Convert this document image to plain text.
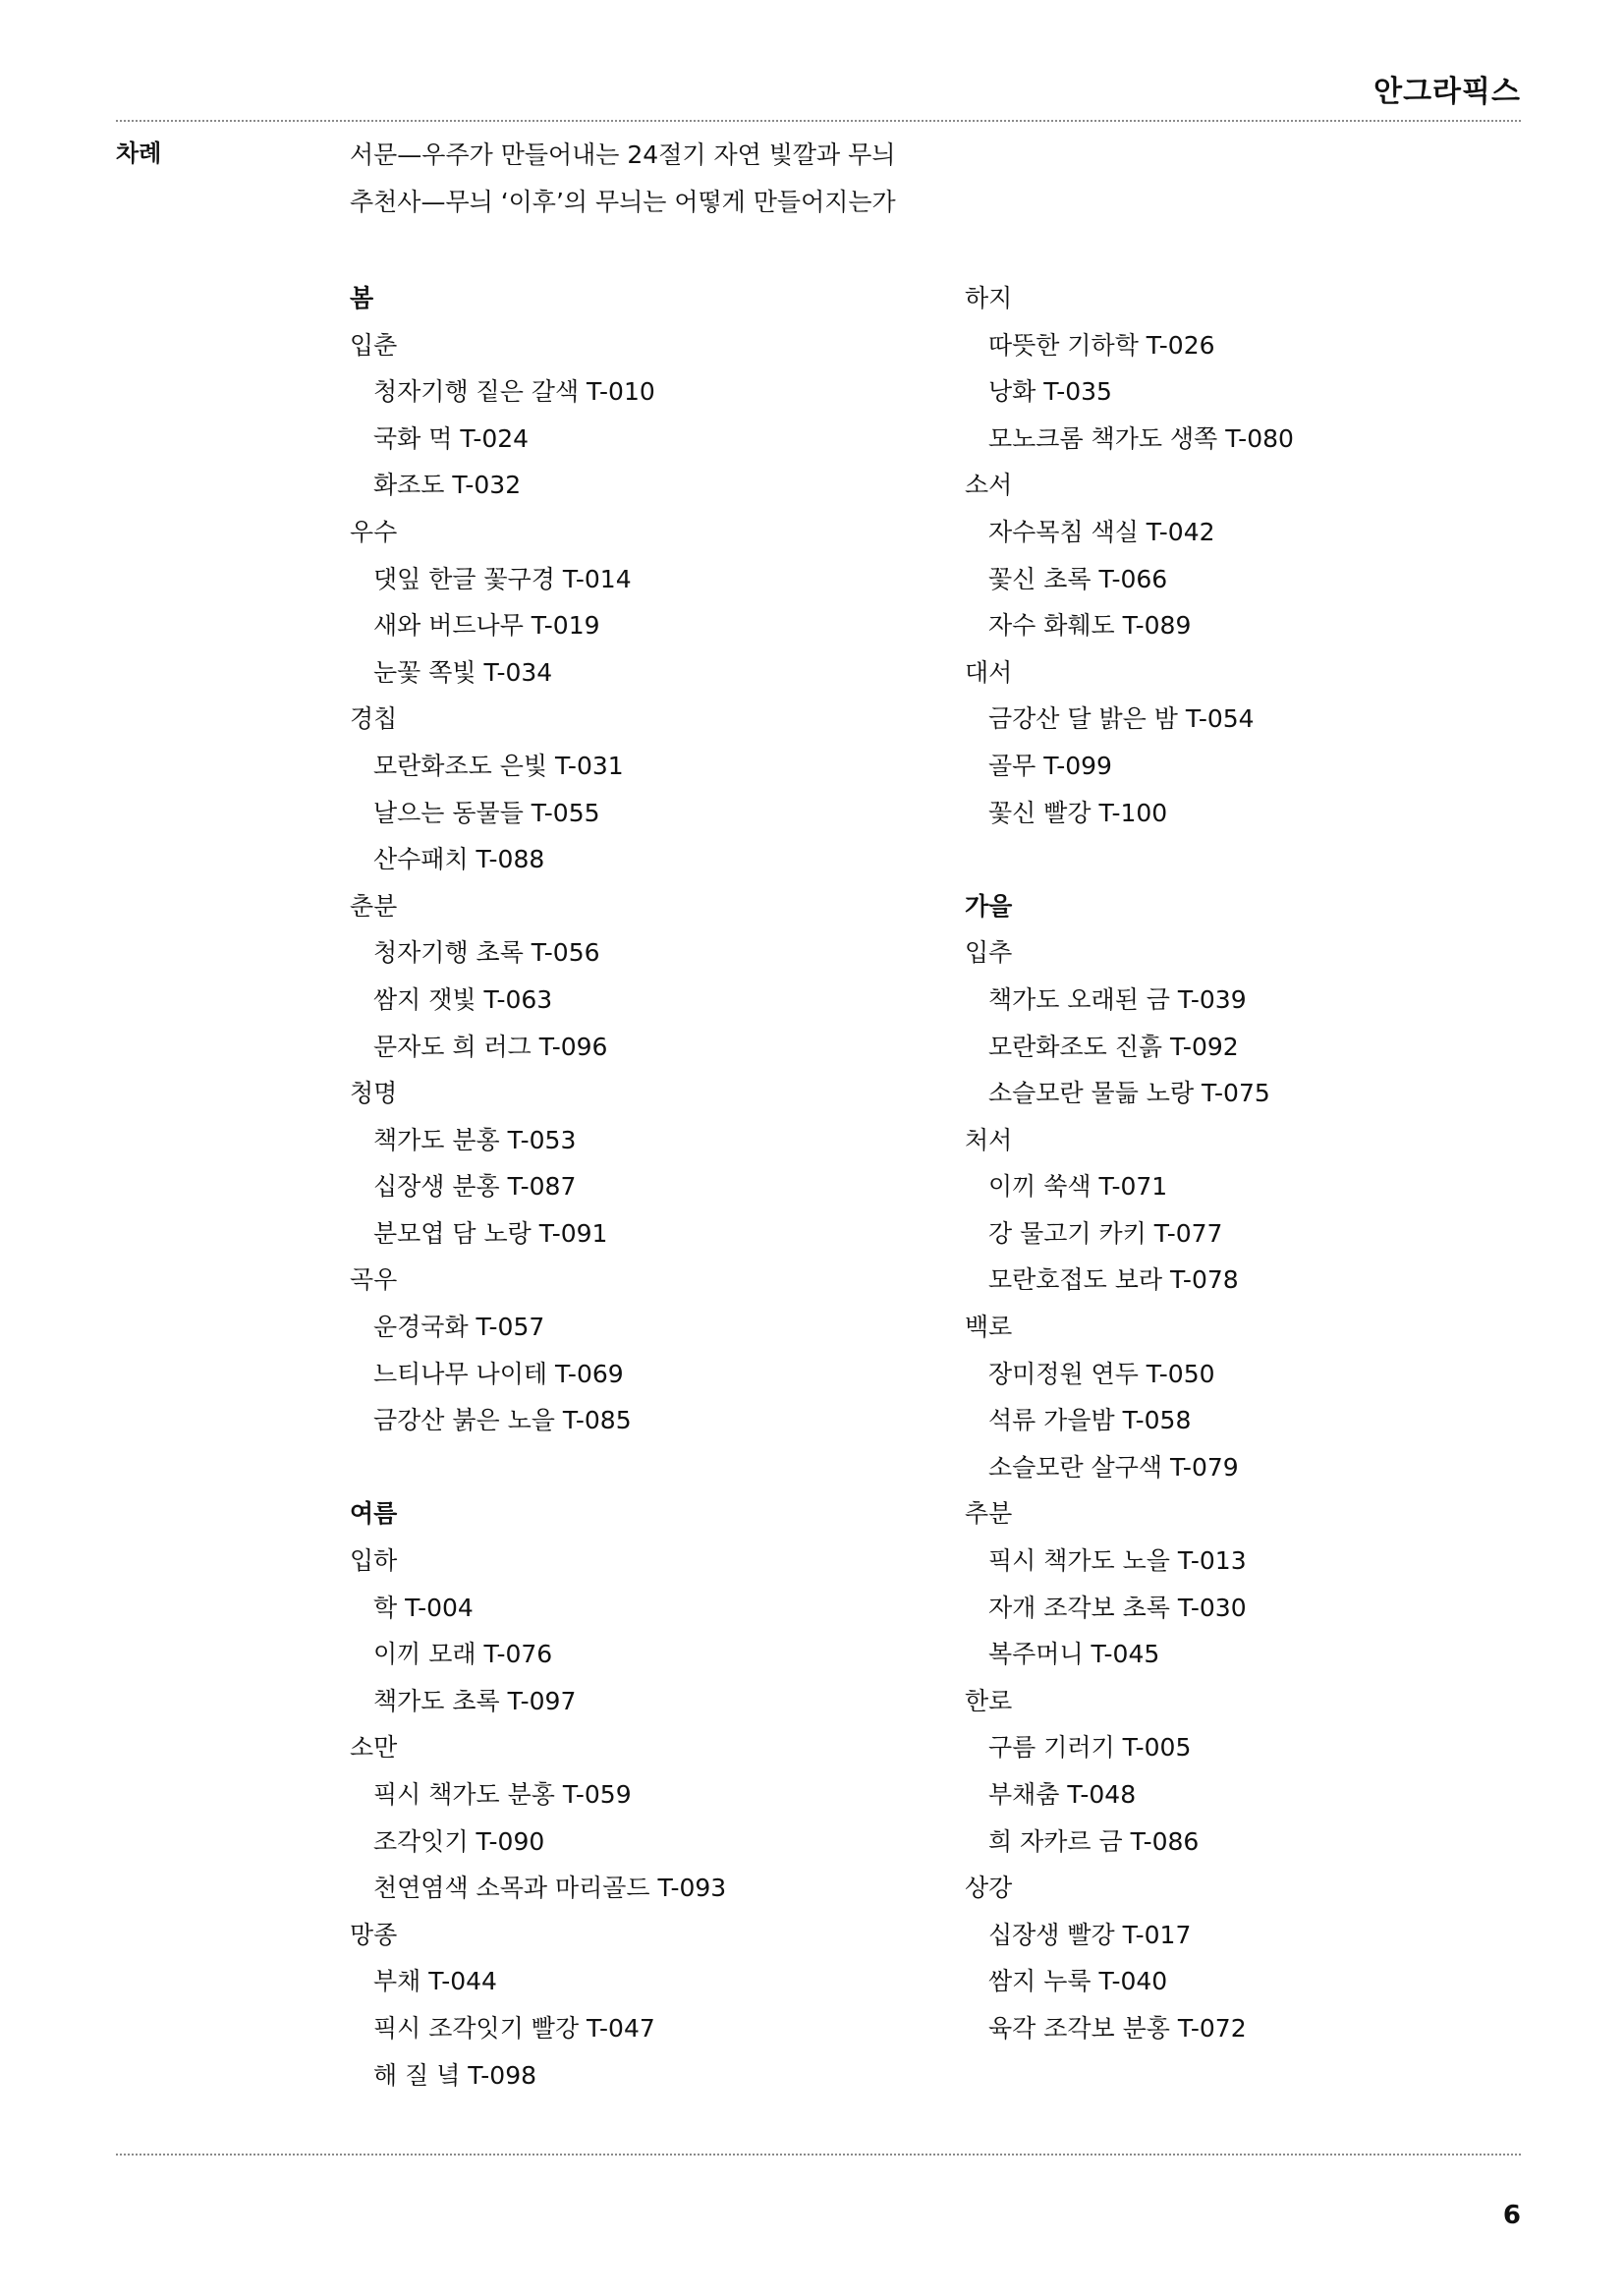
안그라픽스
차례	서문—우주가 만들어내는 24절기 자연 빛깔과 무늬
추천사—무늬 ‘이후’의 무늬는 어떻게 만들어지는가
봄
입춘
청자기행 짙은 갈색 T-010
국화 먹 T-024
화조도 T-032
우수
댓잎 한글 꽃구경 T-014
새와 버드나무 T-019
눈꽃 쪽빛 T-034
경칩
모란화조도 은빛 T-031
날으는 동물들 T-055
산수패치 T-088
춘분
청자기행 초록 T-056
쌈지 잿빛 T-063
문자도 희 러그 T-096
청명
책가도 분홍 T-053
십장생 분홍 T-087
분모엽 담 노랑 T-091
곡우
운경국화 T-057
느티나무 나이테 T-069
금강산 붉은 노을 T-085
여름
입하
학 T-004
이끼 모래 T-076
책가도 초록 T-097
소만
픽시 책가도 분홍 T-059
조각잇기 T-090
천연염색 소목과 마리골드 T-093
망종
부채 T-044
픽시 조각잇기 빨강 T-047
해 질 녘 T-098
하지
따뜻한 기하학 T-026
낭화 T-035
모노크롬 책가도 생쪽 T-080
소서
자수목침 색실 T-042
꽃신 초록 T-066
자수 화훼도 T-089
대서
금강산 달 밝은 밤 T-054
골무 T-099
꽃신 빨강 T-100
가을
입추
책가도 오래된 금 T-039
모란화조도 진흙 T-092
소슬모란 물듦 노랑 T-075
처서
이끼 쑥색 T-071
강 물고기 카키 T-077
모란호접도 보라 T-078
백로
장미정원 연두 T-050
석류 가을밤 T-058
소슬모란 살구색 T-079
추분
픽시 책가도 노을 T-013
자개 조각보 초록 T-030
복주머니 T-045
한로
구름 기러기 T-005
부채춤 T-048
희 자카르 금 T-086
상강
십장생 빨강 T-017
쌈지 누룩 T-040
육각 조각보 분홍 T-072
6
